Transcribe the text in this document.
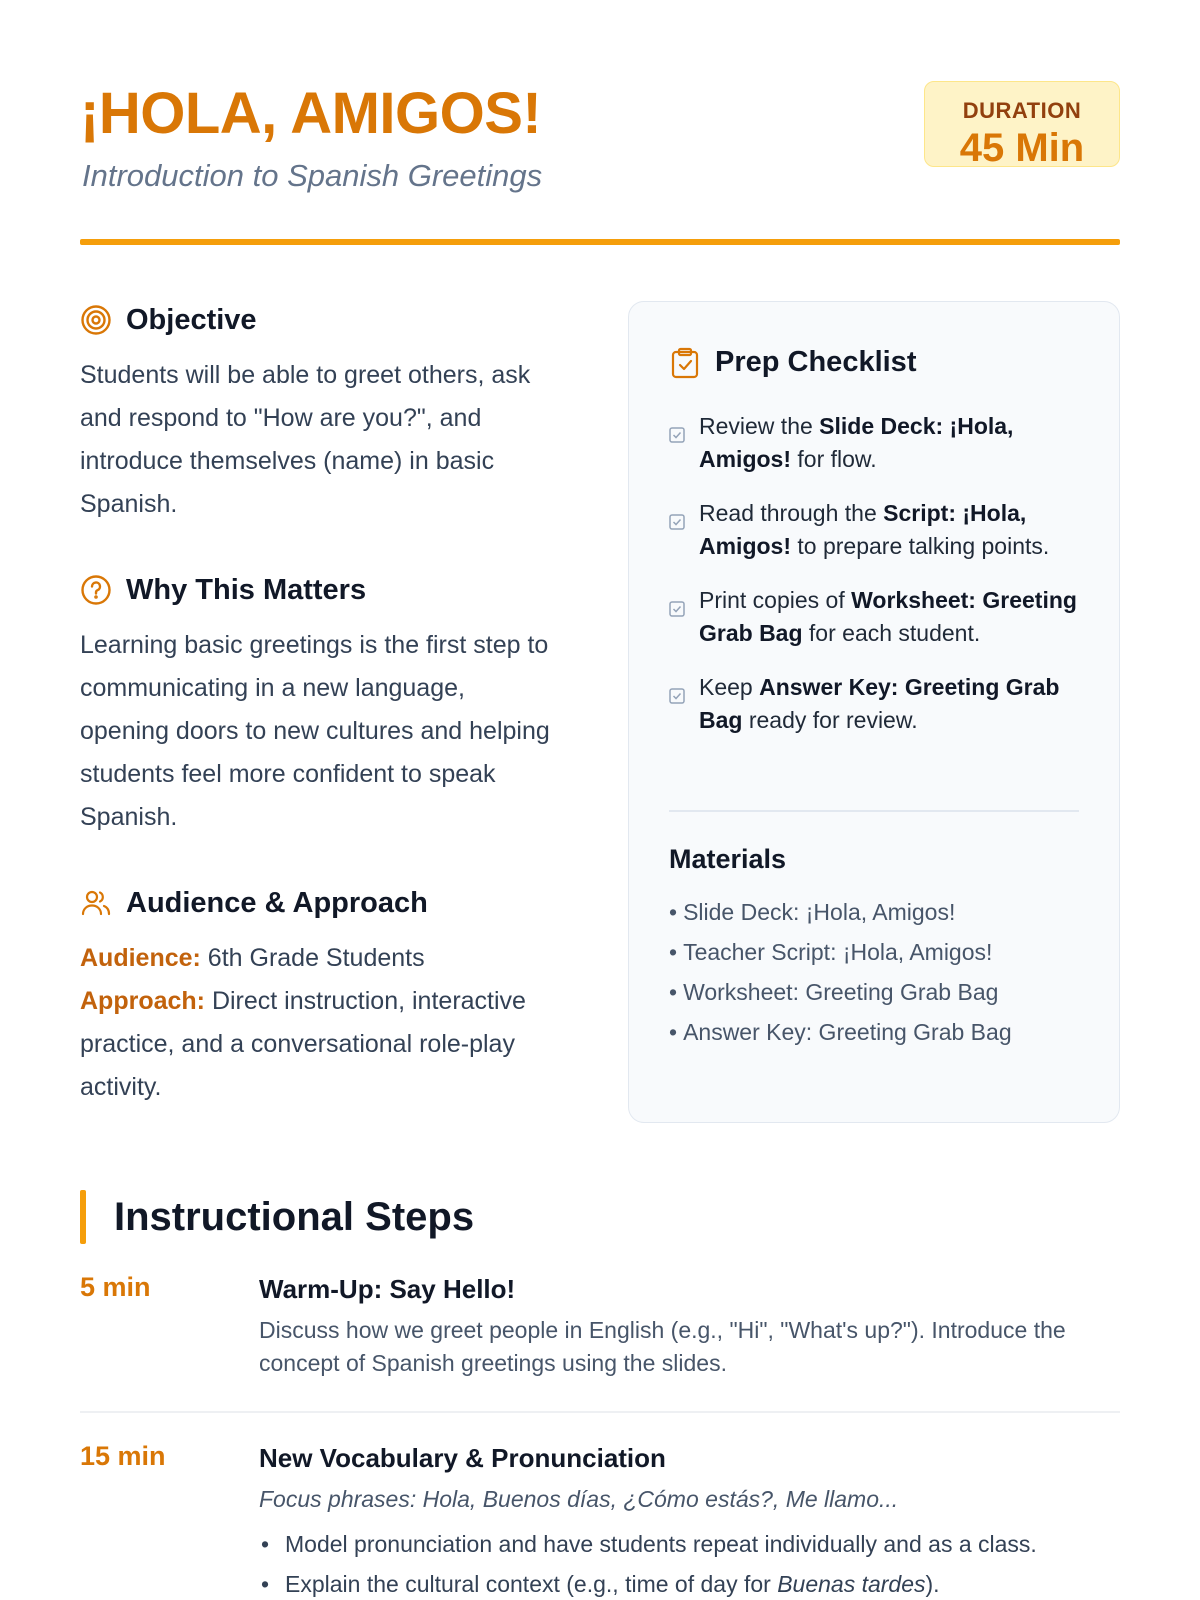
¡HOLA, AMIGOS!
Introduction to Spanish Greetings
DURATION
45 Min
Objective

Students will be able to greet others, ask and respond to "How are you?", and introduce themselves (name) in basic Spanish.

Why This Matters

Learning basic greetings is the first step to communicating in a new language, opening doors to new cultures and helping students feel more confident to speak Spanish.

Audience & Approach

Audience: 6th Grade Students
Approach: Direct instruction, interactive practice, and a conversational role-play activity.

Prep Checklist
Review the Slide Deck: ¡Hola, Amigos! for flow.
Read through the Script: ¡Hola, Amigos! to prepare talking points.
Print copies of Worksheet: Greeting Grab Bag for each student.
Keep Answer Key: Greeting Grab Bag ready for review.
Materials
• Slide Deck: ¡Hola, Amigos!
• Teacher Script: ¡Hola, Amigos!
• Worksheet: Greeting Grab Bag
• Answer Key: Greeting Grab Bag
Instructional Steps
5 min	Warm-Up: Say Hello!
Discuss how we greet people in English (e.g., "Hi", "What's up?"). Introduce the concept of Spanish greetings using the slides.
15 min	New Vocabulary & Pronunciation
Focus phrases: Hola, Buenos días, ¿Cómo estás?, Me llamo...
• Model pronunciation and have students repeat individually and as a class.
• Explain the cultural context (e.g., time of day for Buenas tardes).
